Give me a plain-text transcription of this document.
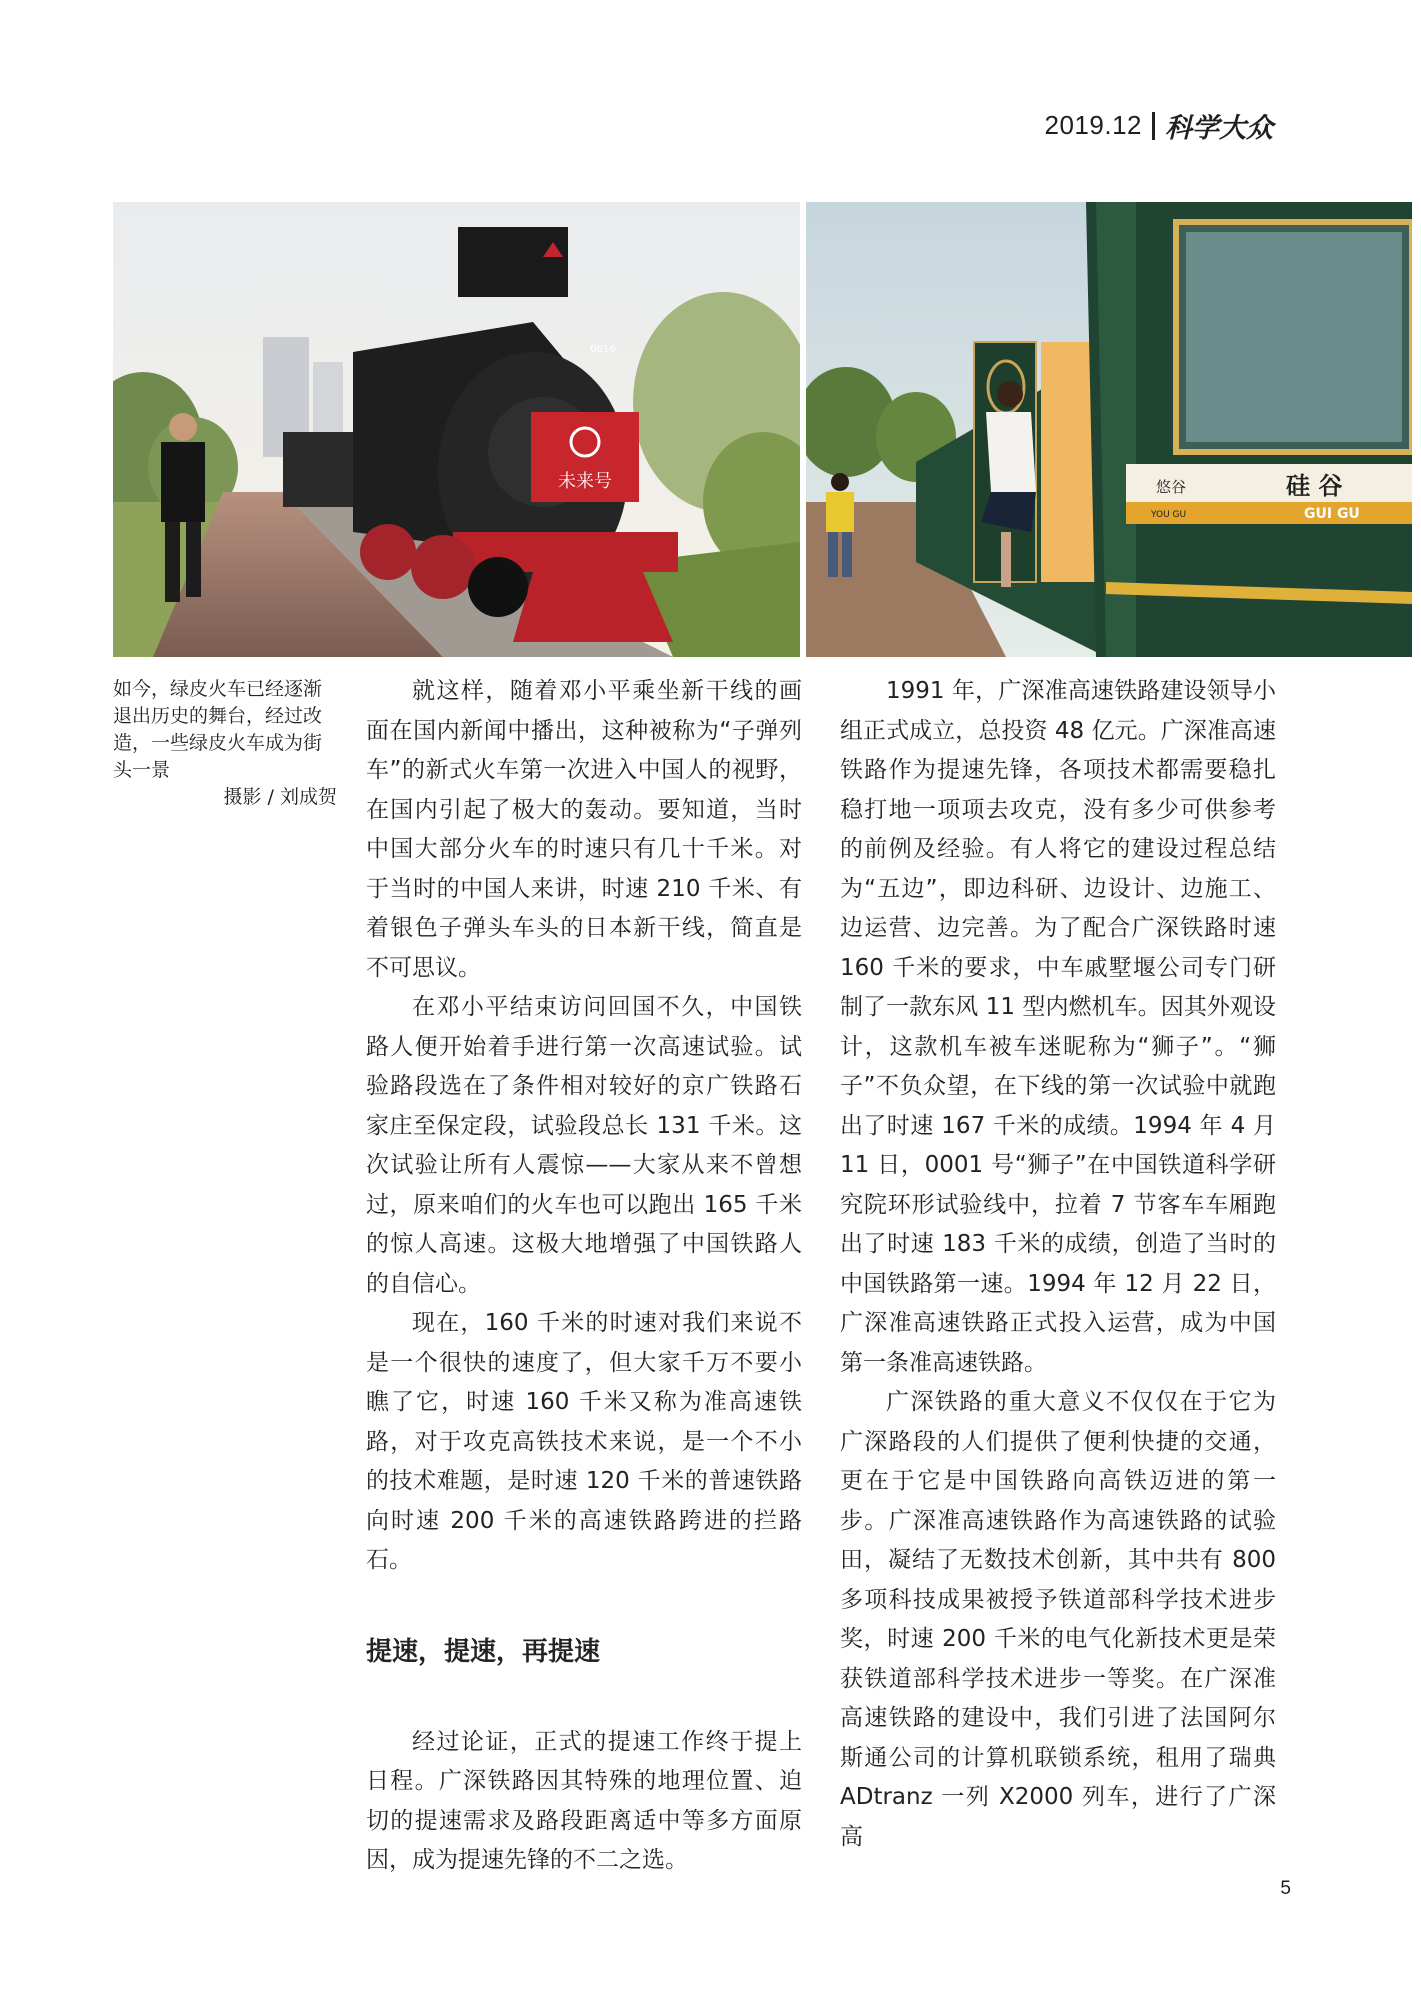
2019.12 科学大众
未来号
0016
悠谷
YOU GU
硅 谷
GUI GU
如今，绿皮火车已经逐渐退出历史的舞台，经过改造，一些绿皮火车成为街头一景
摄影 / 刘成贺

就这样，随着邓小平乘坐新干线的画面在国内新闻中播出，这种被称为“子弹列车”的新式火车第一次进入中国人的视野，在国内引起了极大的轰动。要知道，当时中国大部分火车的时速只有几十千米。对于当时的中国人来讲，时速 210 千米、有着银色子弹头车头的日本新干线，简直是不可思议。

在邓小平结束访问回国不久，中国铁路人便开始着手进行第一次高速试验。试验路段选在了条件相对较好的京广铁路石家庄至保定段，试验段总长 131 千米。这次试验让所有人震惊——大家从来不曾想过，原来咱们的火车也可以跑出 165 千米的惊人高速。这极大地增强了中国铁路人的自信心。

现在，160 千米的时速对我们来说不是一个很快的速度了，但大家千万不要小瞧了它，时速 160 千米又称为准高速铁路，对于攻克高铁技术来说，是一个不小的技术难题，是时速 120 千米的普速铁路向时速 200 千米的高速铁路跨进的拦路石。

提速，提速，再提速

经过论证，正式的提速工作终于提上日程。广深铁路因其特殊的地理位置、迫切的提速需求及路段距离适中等多方面原因，成为提速先锋的不二之选。

1991 年，广深准高速铁路建设领导小组正式成立，总投资 48 亿元。广深准高速铁路作为提速先锋，各项技术都需要稳扎稳打地一项项去攻克，没有多少可供参考的前例及经验。有人将它的建设过程总结为“五边”，即边科研、边设计、边施工、边运营、边完善。为了配合广深铁路时速 160 千米的要求，中车戚墅堰公司专门研制了一款东风 11 型内燃机车。因其外观设计，这款机车被车迷昵称为“狮子”。“狮子”不负众望，在下线的第一次试验中就跑出了时速 167 千米的成绩。1994 年 4 月 11 日，0001 号“狮子”在中国铁道科学研究院环形试验线中，拉着 7 节客车车厢跑出了时速 183 千米的成绩，创造了当时的中国铁路第一速。1994 年 12 月 22 日，广深准高速铁路正式投入运营，成为中国第一条准高速铁路。

广深铁路的重大意义不仅仅在于它为广深路段的人们提供了便利快捷的交通，更在于它是中国铁路向高铁迈进的第一步。广深准高速铁路作为高速铁路的试验田，凝结了无数技术创新，其中共有 800 多项科技成果被授予铁道部科学技术进步奖，时速 200 千米的电气化新技术更是荣获铁道部科学技术进步一等奖。在广深准高速铁路的建设中，我们引进了法国阿尔斯通公司的计算机联锁系统，租用了瑞典 ADtranz 一列 X2000 列车，进行了广深高

5
